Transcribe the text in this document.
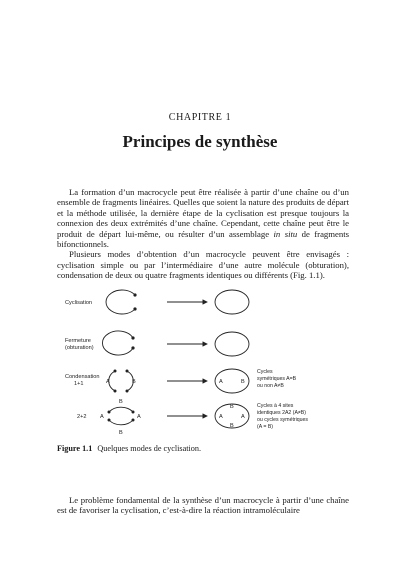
CHAPITRE 1
Principes de synthèse

La formation d’un macrocycle peut être réalisée à partir d’une chaîne ou d’un ensemble de fragments linéaires. Quelles que soient la nature des produits de départ et la méthode utilisée, la dernière étape de la cyclisation est presque toujours la connexion des deux extrémités d’une chaîne. Cependant, cette chaîne peut être le produit de départ lui-même, ou résulter d’un assemblage in situ de fragments bifonctionnels.

Plusieurs modes d’obtention d’un macrocycle peuvent être envisagés : cyclisation simple ou par l’intermédiaire d’une autre molécule (obturation), condensation de deux ou quatre fragments identiques ou différents (Fig. 1.1).

Cyclisation
Fermeture
(obturation)
Condensation
1+1
2+2
A	B	A	B
B
A	A
B
B
A	A
B
Cycles
symétriques A=B
ou non A≠B
Cycles à 4 sites
identiques 2A2 (A≠B)
ou cycles symétriques
(A = B)
Figure 1.1 Quelques modes de cyclisation.

Le problème fondamental de la synthèse d’un macrocycle à partir d’une chaîne est de favoriser la cyclisation, c’est-à-dire la réaction intramoléculaire
